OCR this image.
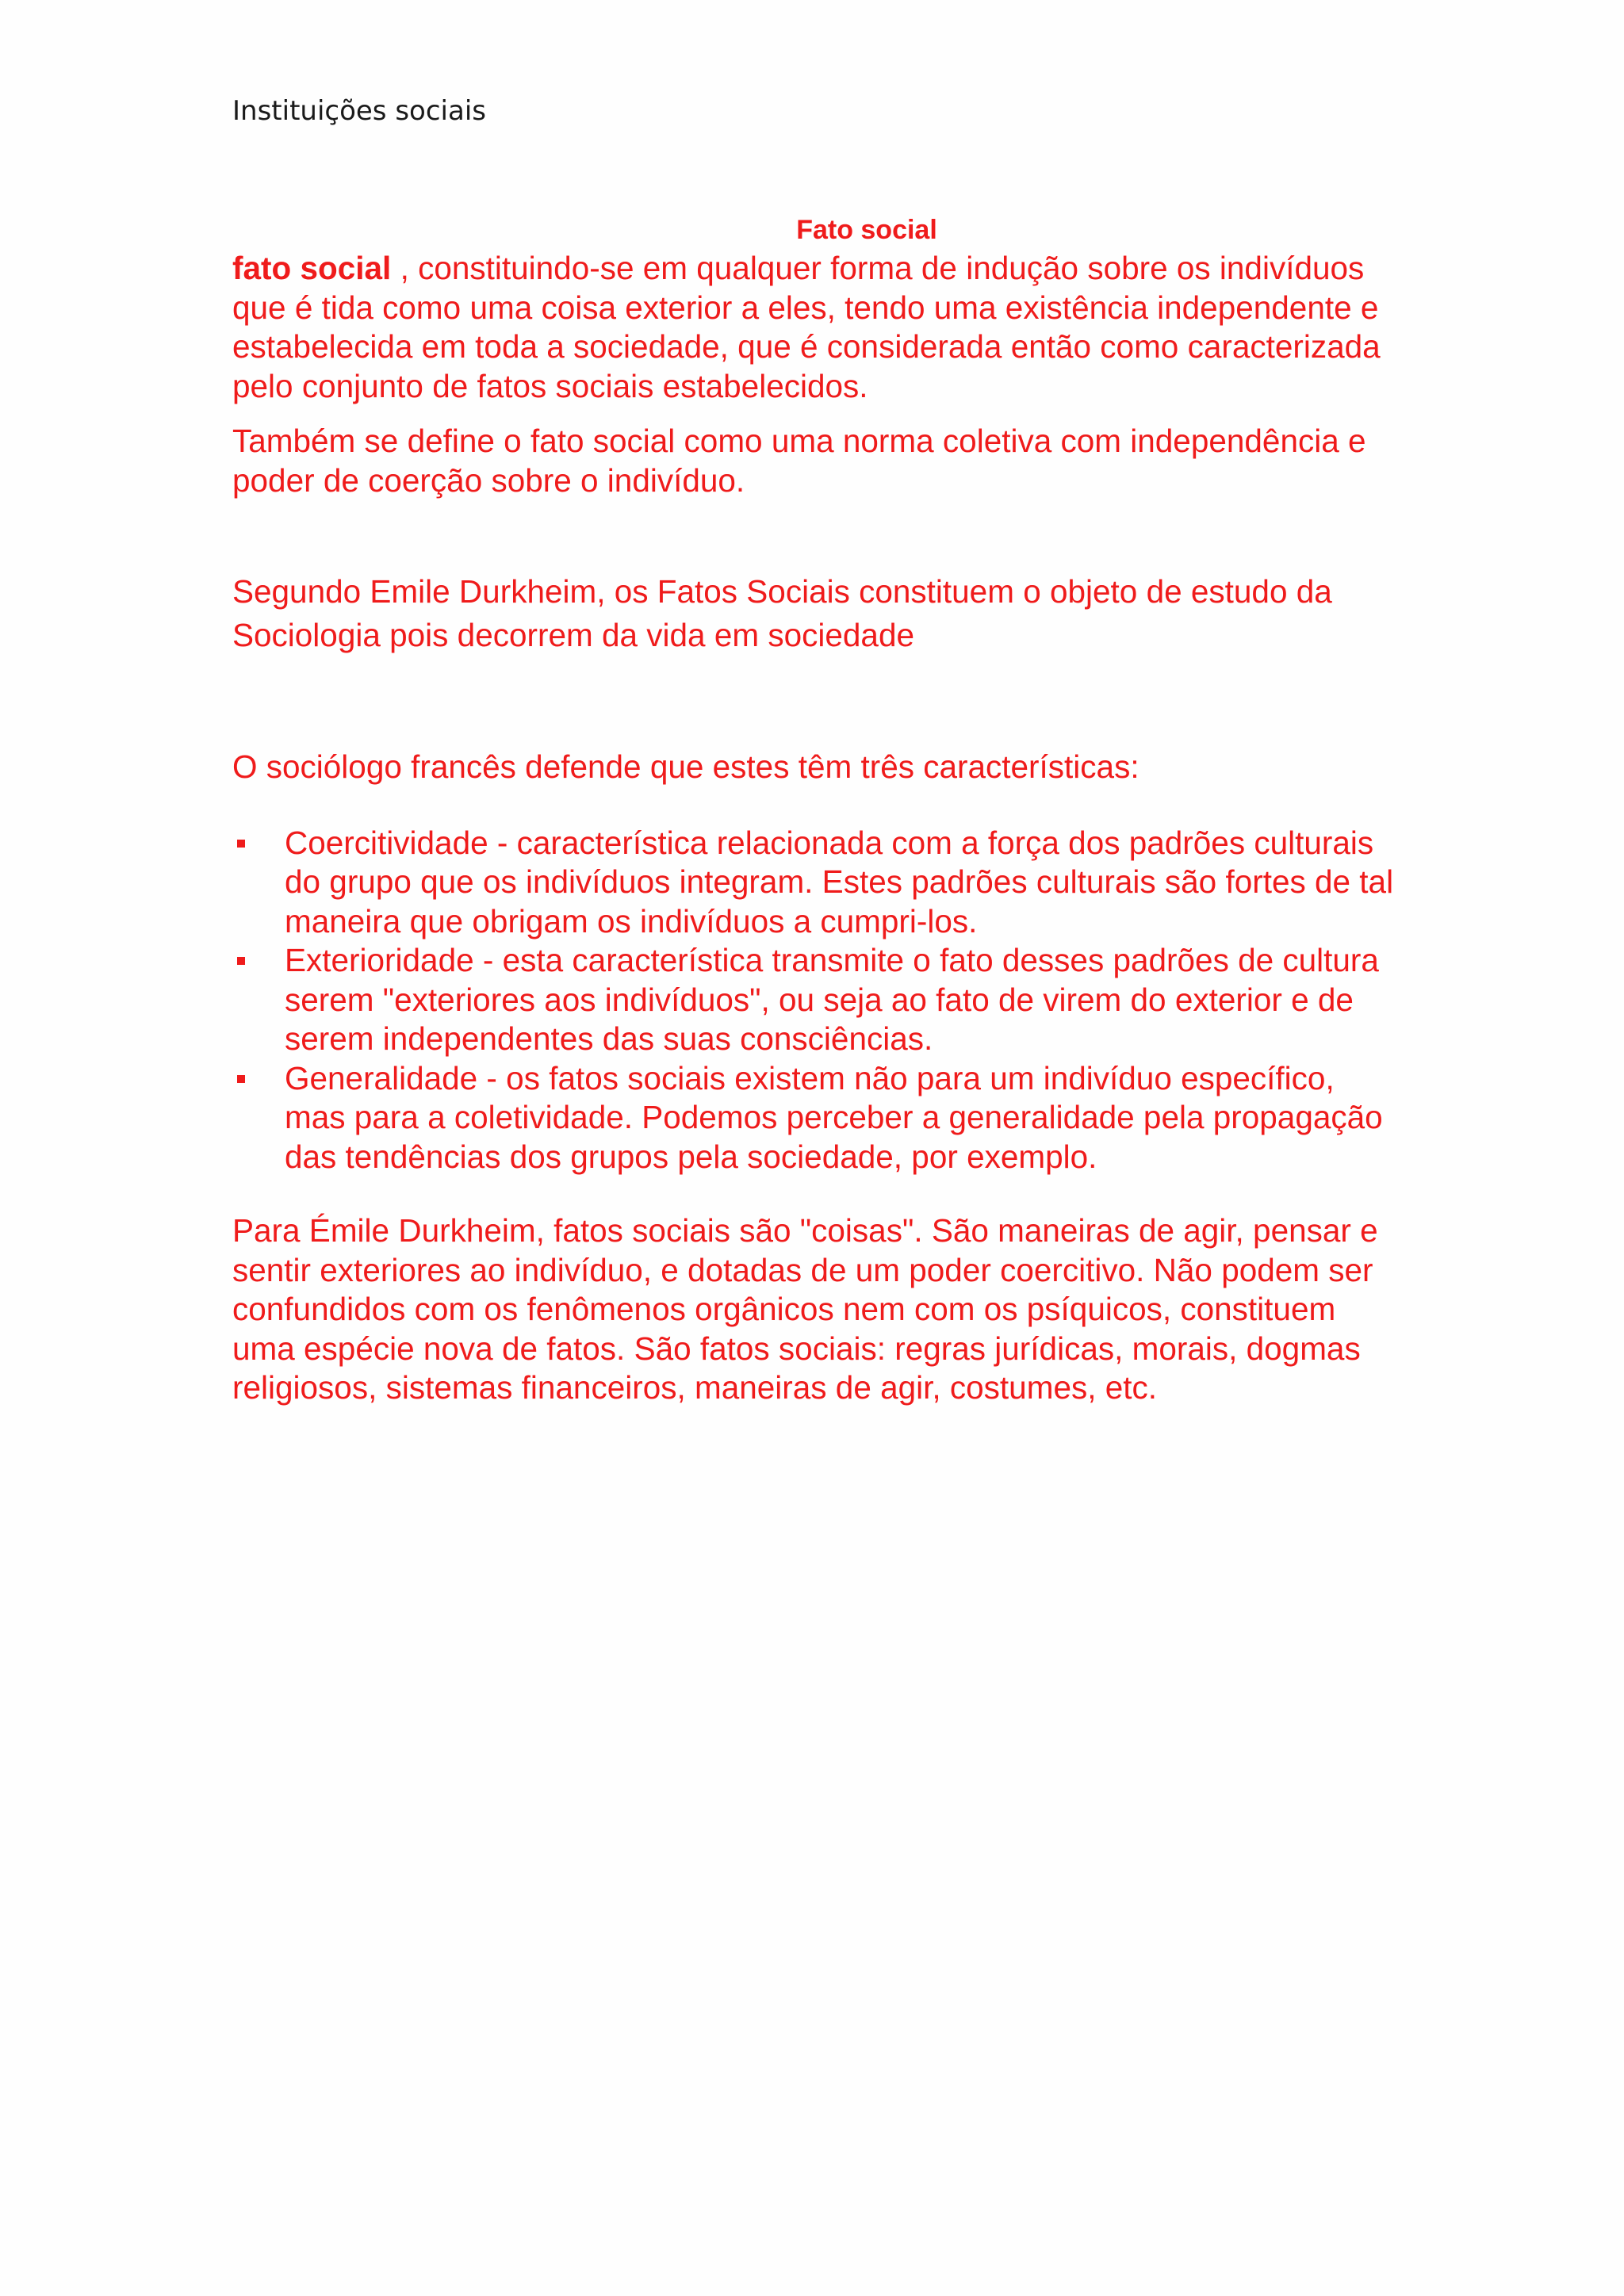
Instituições sociais
Fato social

fato social , constituindo-se em qualquer forma de indução sobre os indivíduos que é tida como uma coisa exterior a eles, tendo uma existência independente e estabelecida em toda a sociedade, que é considerada então como caracterizada pelo conjunto de fatos sociais estabelecidos.

Também se define o fato social como uma norma coletiva com independência e poder de coerção sobre o indivíduo.

Segundo Emile Durkheim, os Fatos Sociais constituem o objeto de estudo da Sociologia pois decorrem da vida em sociedade

O sociólogo francês defende que estes têm três características:

Coercitividade - característica relacionada com a força dos padrões culturais do grupo que os indivíduos integram. Estes padrões culturais são fortes de tal maneira que obrigam os indivíduos a cumpri-los.
Exterioridade - esta característica transmite o fato desses padrões de cultura serem "exteriores aos indivíduos", ou seja ao fato de virem do exterior e de serem independentes das suas consciências.
Generalidade - os fatos sociais existem não para um indivíduo específico, mas para a coletividade. Podemos perceber a generalidade pela propagação das tendências dos grupos pela sociedade, por exemplo.

Para Émile Durkheim, fatos sociais são "coisas". São maneiras de agir, pensar e sentir exteriores ao indivíduo, e dotadas de um poder coercitivo. Não podem ser confundidos com os fenômenos orgânicos nem com os psíquicos, constituem uma espécie nova de fatos. São fatos sociais: regras jurídicas, morais, dogmas religiosos, sistemas financeiros, maneiras de agir, costumes, etc.
